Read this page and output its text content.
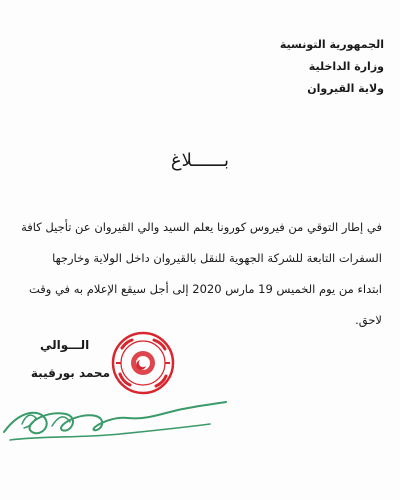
الجمهورية التونسية
وزارة الداخلية
ولاية القيروان
بــــــلاغ
في إطار التوقي من فيروس كورونا يعلم السيد والي القيروان عن تأجيل كافة
السفرات التابعة للشركة الجهوية للنقل بالقيروان داخل الولاية وخارجها
ابتداء من يوم الخميس 19 مارس 2020 إلى أجل سيقع الإعلام به في وقت
لاحق.
الـــوالي
محمد بورقيبة
